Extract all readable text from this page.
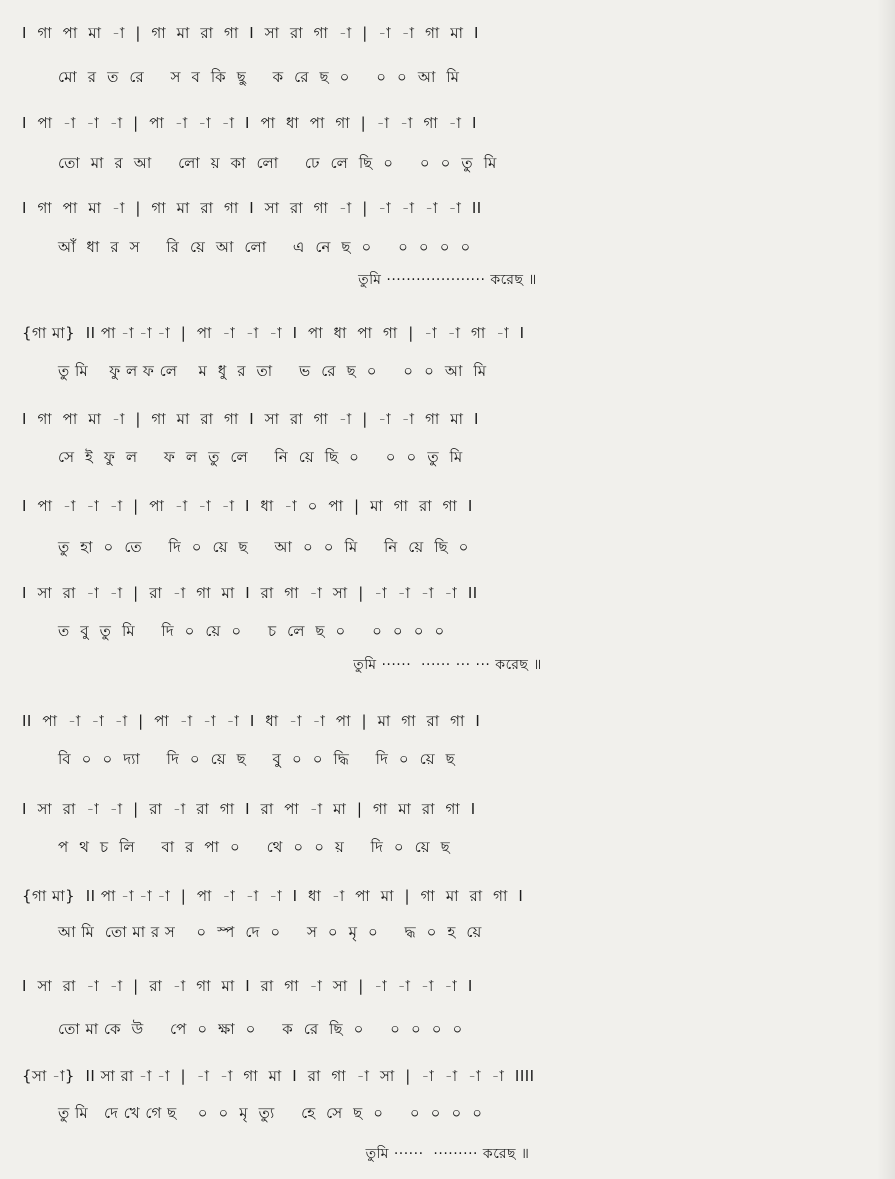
I  গা  পা  মা  -া  |  গা  মা  রা  গা  I  সা  রা  গা  -া  |  -া  -া  গা  মা  I
মো  র  ত  রে     স  ব  কি  ছু     ক  রে  ছ  ০     ০  ০  আ  মি
I  পা  -া  -া  -া  |  পা  -া  -া  -া  I  পা  ধা  পা  গা  |  -া  -া  গা  -া  I
তো  মা  র  আ     লো  য়  কা  লো     ঢে  লে  ছি  ০     ০  ০  তু  মি
I  গা  পা  মা  -া  |  গা  মা  রা  গা  I  সা  রা  গা  -া  |  -া  -া  -া  -া  II
আঁ  ধা  র  স     রি  য়ে  আ  লো     এ  নে  ছ  ০     ০  ০  ০  ০
তুমি ···················· করেছ ॥
{গা মা}  II পা -া -া -া  |  পা  -া  -া  -া  I  পা  ধা  পা  গা  |  -া  -া  গা  -া  I
তু মি    ফু ল ফ লে    ম  ধু  র  তা     ভ  রে  ছ  ০     ০  ০  আ  মি
I  গা  পা  মা  -া  |  গা  মা  রা  গা  I  সা  রা  গা  -া  |  -া  -া  গা  মা  I
সে  ই  ফু  ল     ফ  ল  তু  লে     নি  য়ে  ছি  ০     ০  ০  তু  মি
I  পা  -া  -া  -া  |  পা  -া  -া  -া  I  ধা  -া  ০  পা  |  মা  গা  রা  গা  I
তু  হা  ০  তে     দি  ০  য়ে  ছ     আ  ০  ০  মি     নি  য়ে  ছি  ০
I  সা  রা  -া  -া  |  রা  -া  গা  মা  I  রা  গা  -া  সা  |  -া  -া  -া  -া  II
ত  বু  তু  মি     দি  ০  য়ে  ০     চ  লে  ছ  ০     ০  ০  ০  ০
তুমি ······  ······ ··· ··· করেছ ॥
II  পা  -া  -া  -া  |  পা  -া  -া  -া  I  ধা  -া  -া  পা  |  মা  গা  রা  গা  I
বি  ০  ০  দ্যা     দি  ০  য়ে  ছ     বু  ০  ০  দ্ধি     দি  ০  য়ে  ছ
I  সা  রা  -া  -া  |  রা  -া  রা  গা  I  রা  পা  -া  মা  |  গা  মা  রা  গা  I
প  থ  চ  লি     বা  র  পা  ০     থে  ০  ০  য়     দি  ০  য়ে  ছ
{গা মা}  II পা -া -া -া  |  পা  -া  -া  -া  I  ধা  -া  পা  মা  |  গা  মা  রা  গা  I
আ মি  তো মা র স    ০  স্প  দে  ০     স  ০  মৃ  ০     দ্ধ  ০  হ  য়ে
I  সা  রা  -া  -া  |  রা  -া  গা  মা  I  রা  গা  -া  সা  |  -া  -া  -া  -া  I
তো মা কে  উ     পে  ০  ক্ষা  ০     ক  রে  ছি  ০     ০  ০  ০  ০
{সা -া}  II সা রা -া -া  |  -া  -া  গা  মা  I  রা  গা  -া  সা  |  -া  -া  -া  -া  IIII
তু মি   দে খে গে ছ    ০  ০  মৃ  ত্যু     হে  সে  ছ  ০     ০  ০  ০  ০
তুমি ······  ········· করেছ ॥
